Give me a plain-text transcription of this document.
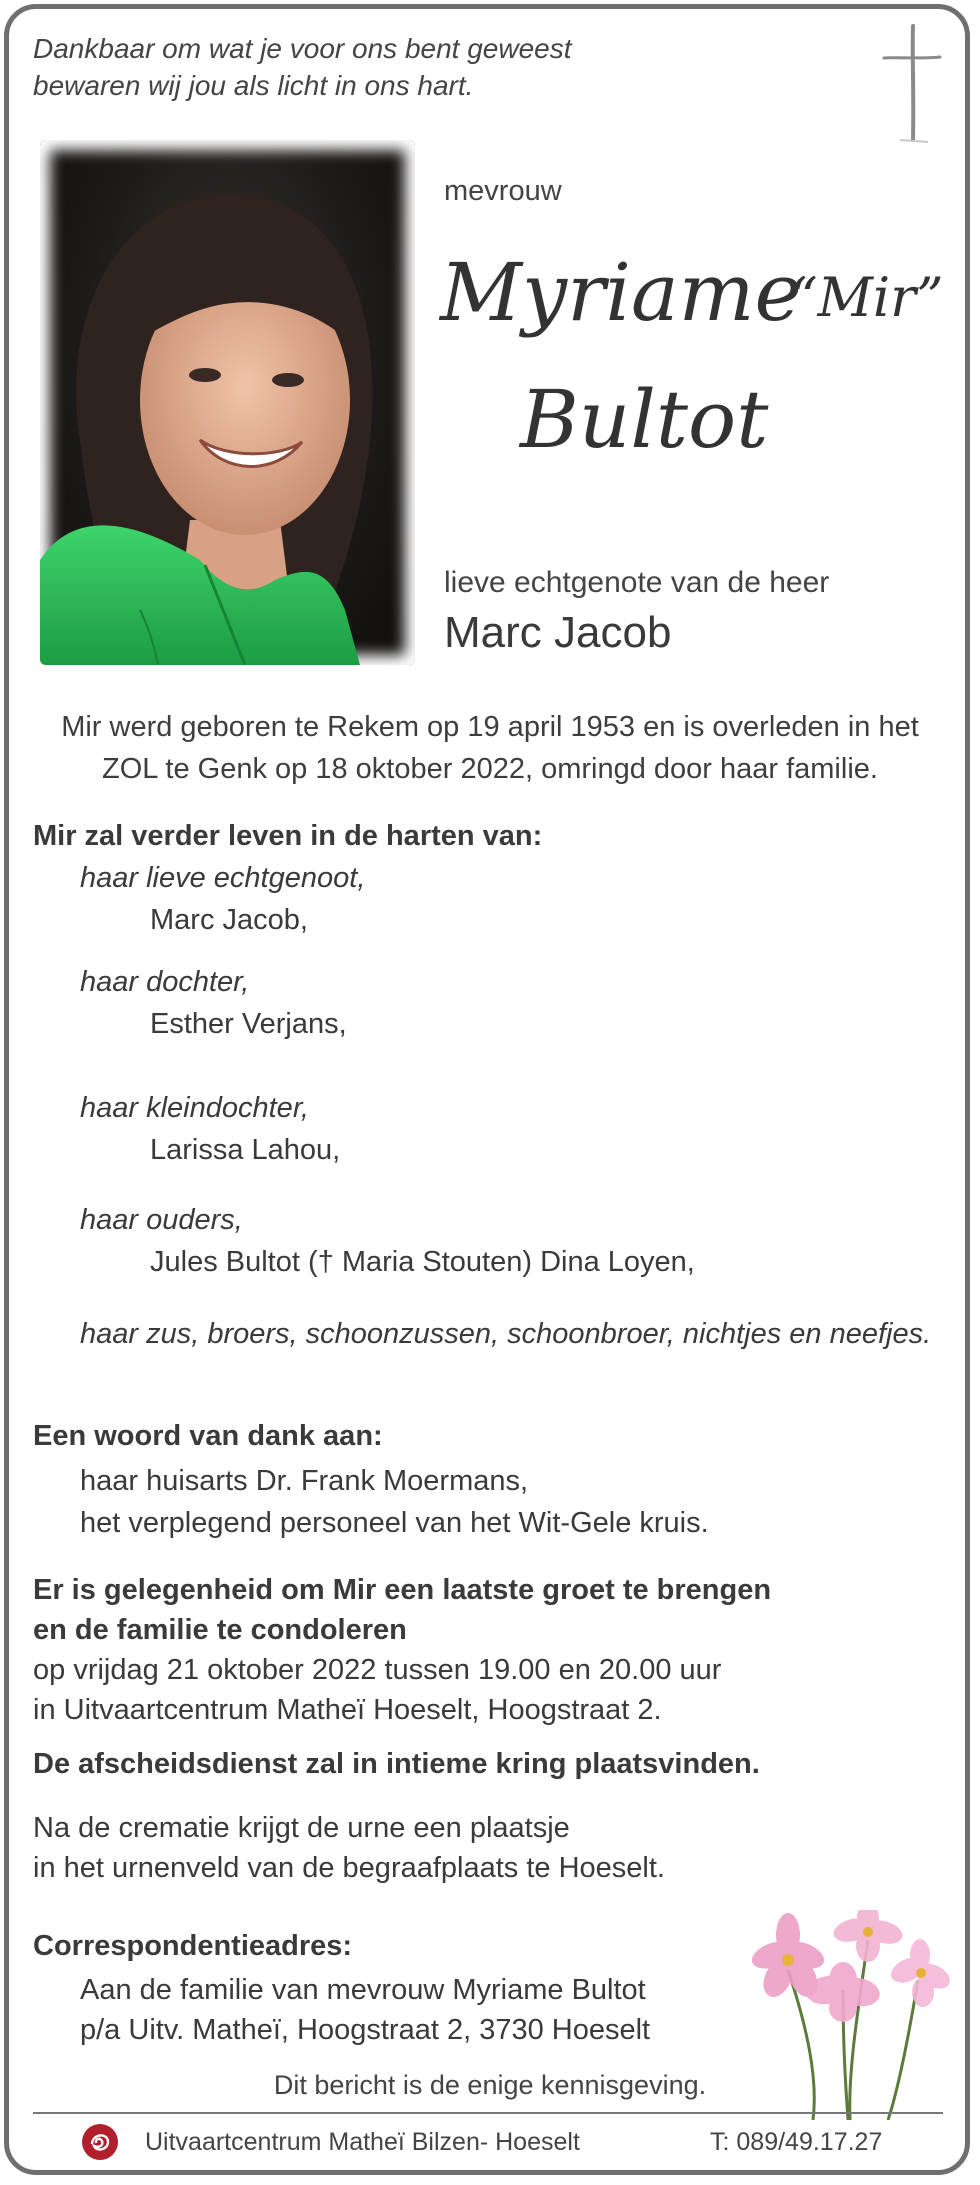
Dankbaar om wat je voor ons bent geweest
bewaren wij jou als licht in ons hart.
mevrouw
Myriame
“Mir”
Bultot
lieve echtgenote van de heer
Marc Jacob
Mir werd geboren te Rekem op 19 april 1953 en is overleden in het
ZOL te Genk op 18 oktober 2022, omringd door haar familie.
Mir zal verder leven in de harten van:
haar lieve echtgenoot,
Marc Jacob,
haar dochter,
Esther Verjans,
haar kleindochter,
Larissa Lahou,
haar ouders,
Jules Bultot († Maria Stouten) Dina Loyen,
haar zus, broers, schoonzussen, schoonbroer, nichtjes en neefjes.
Een woord van dank aan:
haar huisarts Dr. Frank Moermans,
het verplegend personeel van het Wit-Gele kruis.
Er is gelegenheid om Mir een laatste groet te brengen
en de familie te condoleren
op vrijdag 21 oktober 2022 tussen 19.00 en 20.00 uur
in Uitvaartcentrum Matheï Hoeselt, Hoogstraat 2.
De afscheidsdienst zal in intieme kring plaatsvinden.
Na de crematie krijgt de urne een plaatsje
in het urnenveld van de begraafplaats te Hoeselt.
Correspondentieadres:
Aan de familie van mevrouw Myriame Bultot
p/a Uitv. Matheï, Hoogstraat 2, 3730 Hoeselt
Dit bericht is de enige kennisgeving.
Uitvaartcentrum Matheï Bilzen- Hoeselt	T: 089/49.17.27
